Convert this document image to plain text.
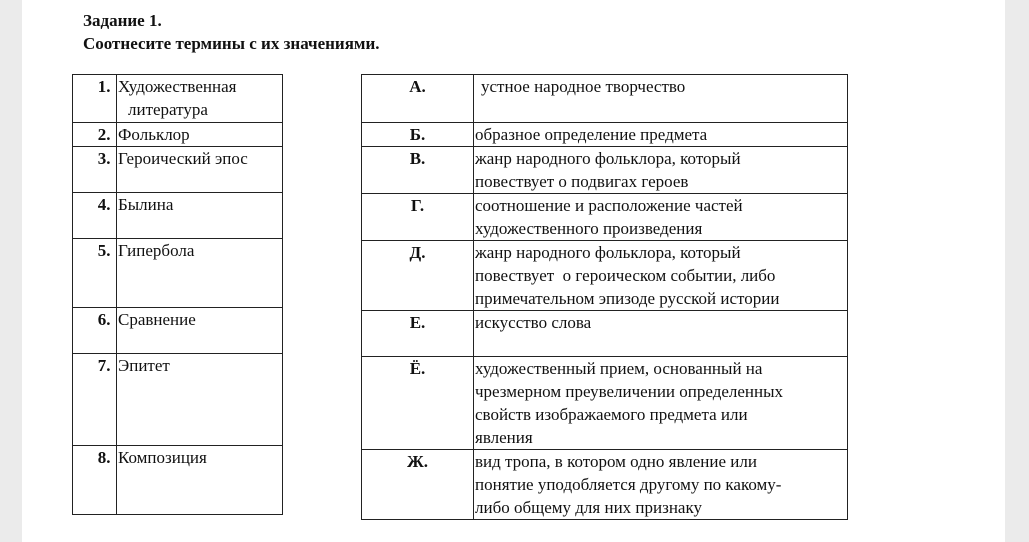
Задание 1.
Соотнесите термины с их значениями.
1.	Художественная
литература

2.	Фольклор
3.	Героический эпос
4.	Былина
5.	Гипербола
6.	Сравнение
7.	Эпитет
8.	Композиция
А.	устное народное творчество

Б.	образное определение предмета

В.	жанр народного фольклора, который
повествует о подвигах героев

Г.	соотношение и расположение частей
художественного произведения

Д.	жанр народного фольклора, который
повествует  о героическом событии, либо
примечательном эпизоде русской истории

Е.	искусство слова

Ё.	художественный прием, основанный на
чрезмерном преувеличении определенных
свойств изображаемого предмета или
явления

Ж.	вид тропа, в котором одно явление или
понятие уподобляется другому по какому-
либо общему для них признаку
